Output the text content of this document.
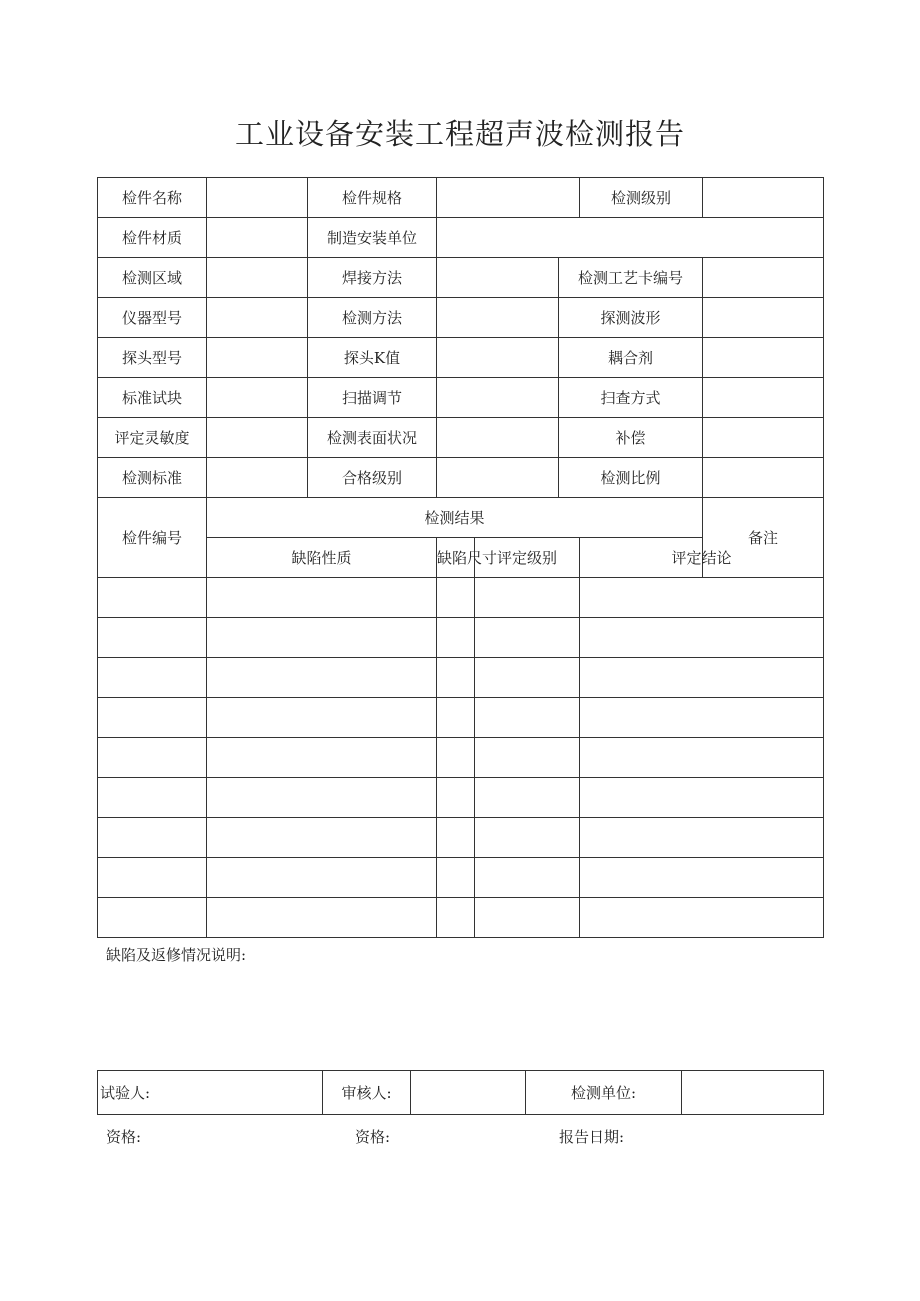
工业设备安装工程超声波检测报告
检件名称		检件规格				检测级别		
检件材质		制造安装单位						
检测区域		焊接方法			检测工艺卡编号			
仪器型号		检测方法			探测波形			
探头型号		探头K值			耦合剂			
标准试块		扫描调节			扫查方式			
评定灵敏度		检测表面状况			补偿			
检测标准		合格级别			检测比例			
检件编号	检测结果						备注	
	缺陷性质		缺陷尺寸	评定级别		评定结论		

缺陷及返修情况说明:
试验人:	审核人:		检测单位:	
资格:	资格:	报告日期:
